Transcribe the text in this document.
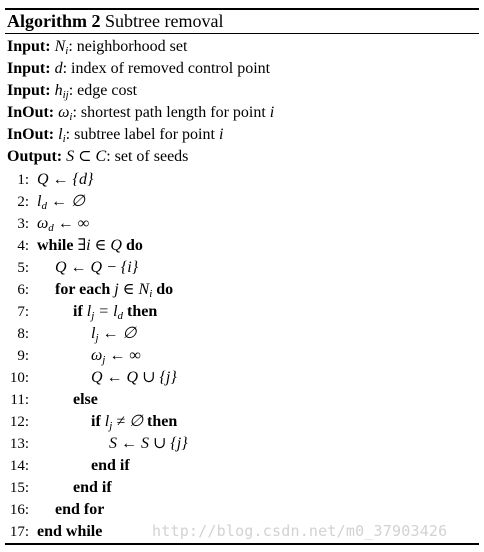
Algorithm 2 Subtree removal
Input: $N_i$: neighborhood set
Input: d: index of removed control point
Input: $h_{ij}$: edge cost
InOut: $\omega_i$: shortest path length for point i
InOut: $l_i$: subtree label for point i
Output: S ⊂ C: set of seeds
1: Q ← {d}
2: $l_d$ ← ∅
3: $\omega_d$ ← ∞
4: while ∃i ∈ Q do
5: Q ← Q − {i}
6: for each j ∈ $N_i$ do
7:	if $l_j = l_d$ then
8:	$l_j$ ← ∅
9:	$\omega_j$ ← ∞
10:	Q ← Q ∪ {j}
11:	else
12:	if $l_j$ ≠ ∅ then
13:	S ← S ∪ {j}
14:	end if
15:	end if
16: end for
17: end while	http://blog.csdn.net/m0_37903426
